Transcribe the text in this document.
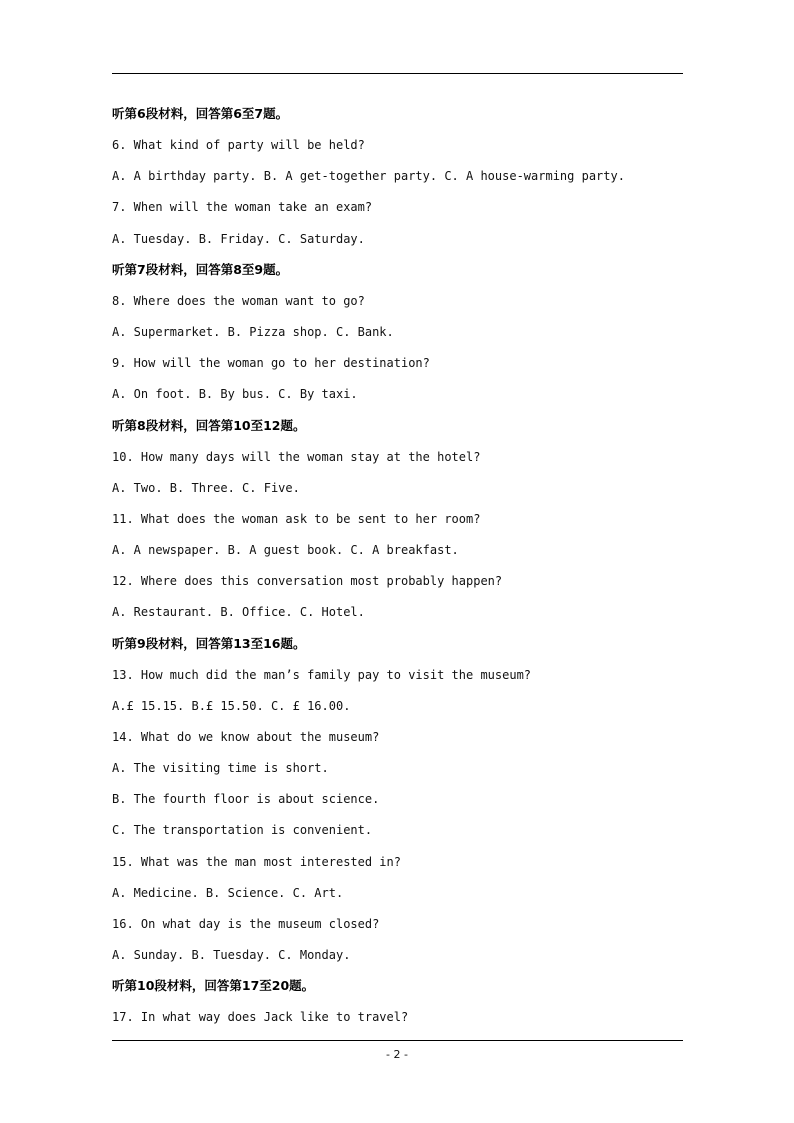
听第6段材料，回答第6至7题。
6. What kind of party will be held?
A. A birthday party. B. A get-together party. C. A house-warming party.
7. When will the woman take an exam?
A. Tuesday. B. Friday. C. Saturday.
听第7段材料，回答第8至9题。
8. Where does the woman want to go?
A. Supermarket. B. Pizza shop. C. Bank.
9. How will the woman go to her destination?
A. On foot. B. By bus. C. By taxi.
听第8段材料，回答第10至12题。
10. How many days will the woman stay at the hotel?
A. Two. B. Three. C. Five.
11. What does the woman ask to be sent to her room?
A. A newspaper. B. A guest book. C. A breakfast.
12. Where does this conversation most probably happen?
A. Restaurant. B. Office. C. Hotel.
听第9段材料，回答第13至16题。
13. How much did the man’s family pay to visit the museum?
A.£ 15.15. B.£ 15.50. C. £ 16.00.
14. What do we know about the museum?
A. The visiting time is short.
B. The fourth floor is about science.
C. The transportation is convenient.
15. What was the man most interested in?
A. Medicine. B. Science. C. Art.
16. On what day is the museum closed?
A. Sunday. B. Tuesday. C. Monday.
听第10段材料，回答第17至20题。
17. In what way does Jack like to travel?
- 2 -
